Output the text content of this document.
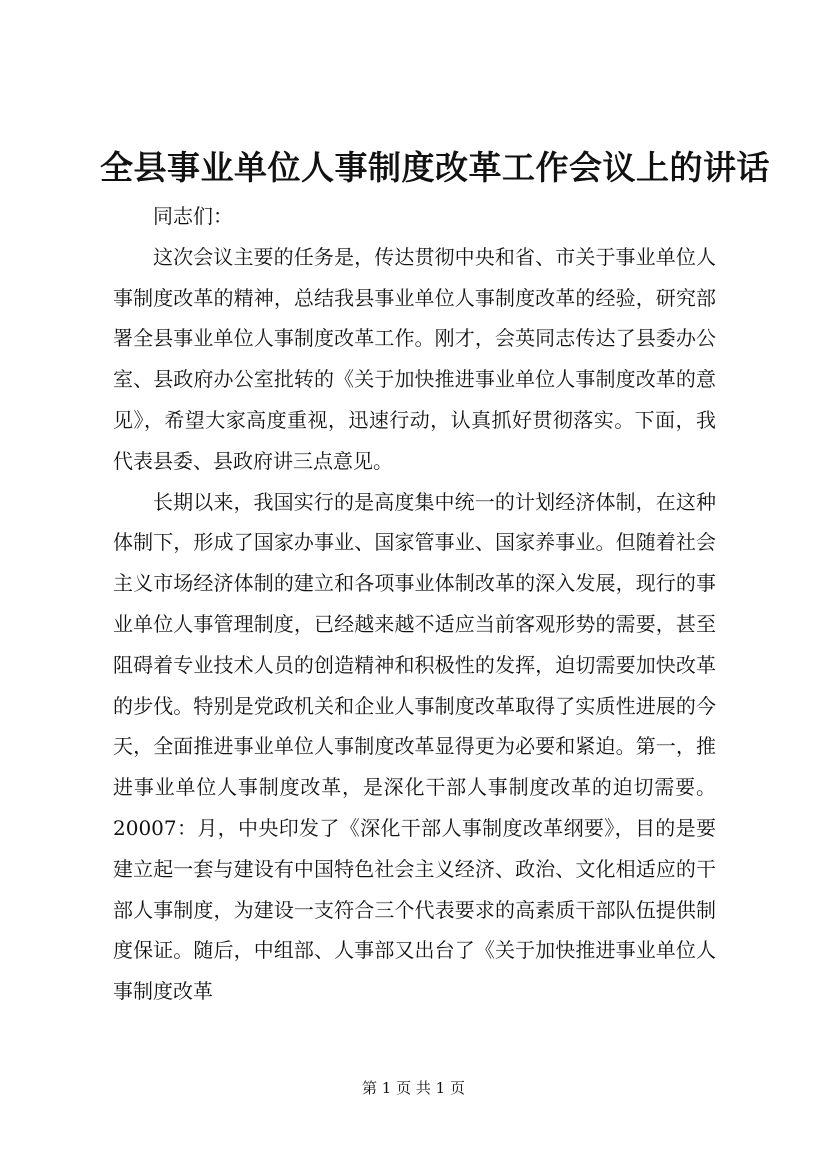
全县事业单位人事制度改革工作会议上的讲话

同志们：

这次会议主要的任务是，传达贯彻中央和省、市关于事业单位人事制度改革的精神，总结我县事业单位人事制度改革的经验，研究部署全县事业单位人事制度改革工作。刚才，会英同志传达了县委办公室、县政府办公室批转的《关于加快推进事业单位人事制度改革的意见》，希望大家高度重视，迅速行动，认真抓好贯彻落实。下面，我代表县委、县政府讲三点意见。

长期以来，我国实行的是高度集中统一的计划经济体制，在这种体制下，形成了国家办事业、国家管事业、国家养事业。但随着社会主义市场经济体制的建立和各项事业体制改革的深入发展，现行的事业单位人事管理制度，已经越来越不适应当前客观形势的需要，甚至阻碍着专业技术人员的创造精神和积极性的发挥，迫切需要加快改革的步伐。特别是党政机关和企业人事制度改革取得了实质性进展的今天，全面推进事业单位人事制度改革显得更为必要和紧迫。第一，推进事业单位人事制度改革，是深化干部人事制度改革的迫切需要。20007：月，中央印发了《深化干部人事制度改革纲要》，目的是要建立起一套与建设有中国特色社会主义经济、政治、文化相适应的干部人事制度，为建设一支符合三个代表要求的高素质干部队伍提供制度保证。随后，中组部、人事部又出台了《关于加快推进事业单位人事制度改革

第 1 页 共 1 页
